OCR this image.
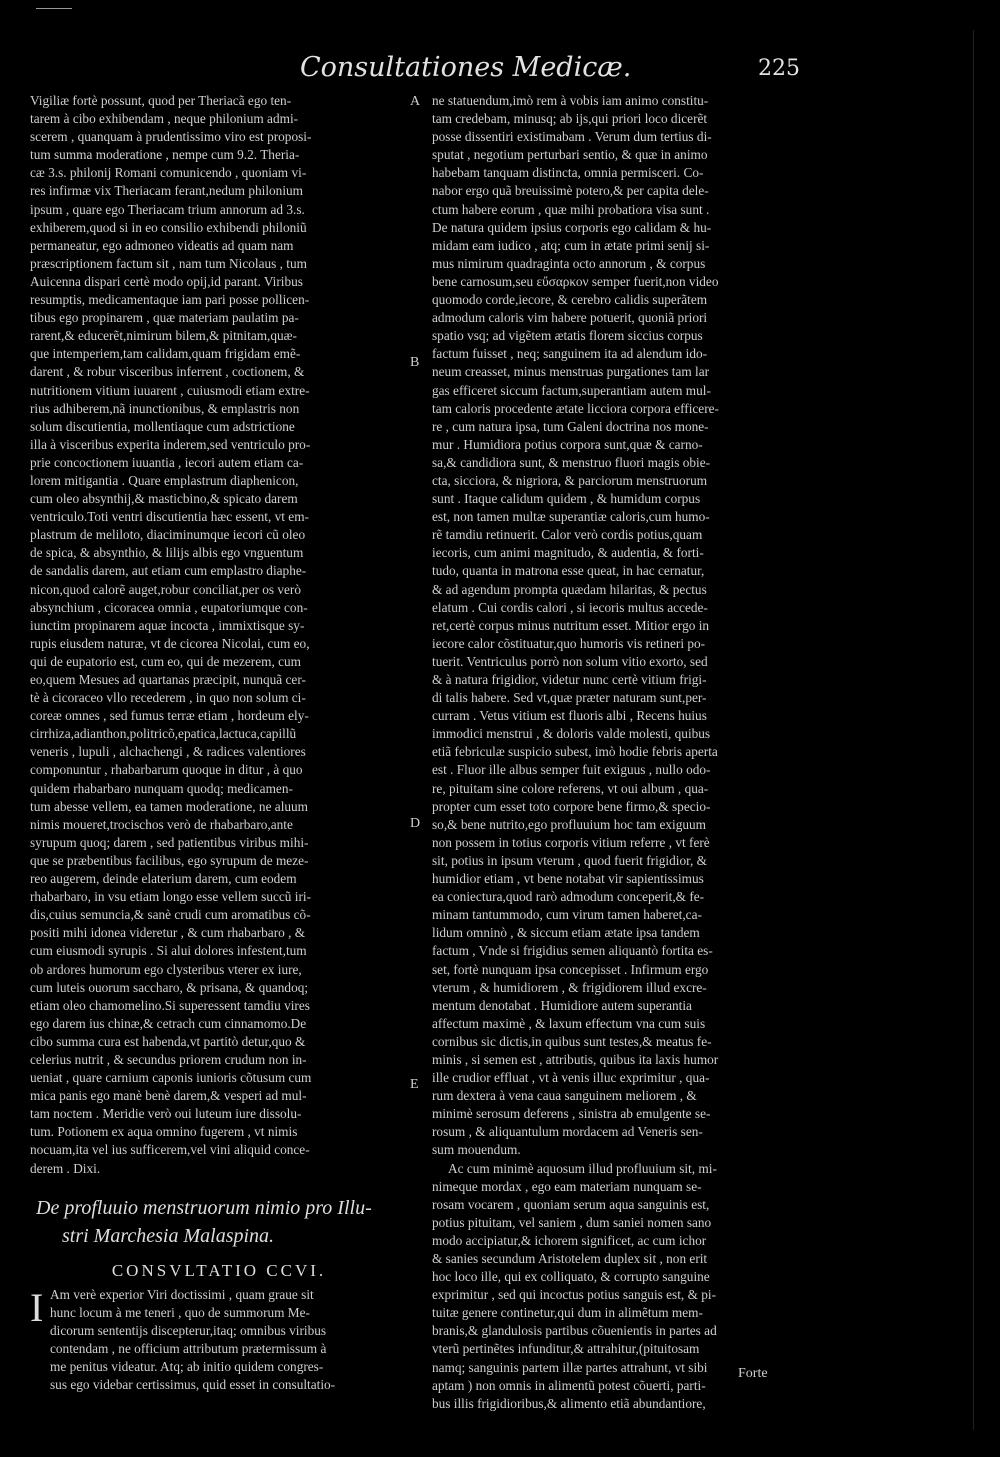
Consultationes Medicæ.	225
Vigiliæ fortè possunt, quod per Theriacã ego ten-
tarem à cibo exhibendam , neque philonium admi-
scerem , quanquam à prudentissimo viro est proposi-
tum summa moderatione , nempe cum 9.2. Theria-
cæ 3.s. philonij Romani comunicendo , quoniam vi-
res infirmæ vix Theriacam ferant,nedum philonium
ipsum , quare ego Theriacam trium annorum ad 3.s.
exhiberem,quod si in eo consilio exhibendi philoniũ
permaneatur, ego admoneo videatis ad quam nam
præscriptionem factum sit , nam tum Nicolaus , tum
Auicenna dispari certè modo opij,id parant. Viribus
resumptis, medicamentaque iam pari posse pollicen-
tibus ego propinarem , quæ materiam paulatim pa-
rarent,& educerẽt,nimirum bilem,& pitnitam,quæ-
que intemperiem,tam calidam,quam frigidam emẽ-
darent , & robur visceribus inferrent , coctionem, &
nutritionem vitium iuuarent , cuiusmodi etiam extre-
rius adhiberem,nã inunctionibus, & emplastris non
solum discutientia, mollentiaque cum adstrictione
illa à visceribus experita inderem,sed ventriculo pro-
prie concoctionem iuuantia , iecori autem etiam ca-
lorem mitigantia . Quare emplastrum diaphenicon,
cum oleo absynthij,& masticbino,& spicato darem
ventriculo.Toti ventri discutientia hæc essent, vt em-
plastrum de meliloto, diaciminumque iecori cũ oleo
de spica, & absynthio, & lilijs albis ego vnguentum
de sandalis darem, aut etiam cum emplastro diaphe-
nicon,quod calorẽ auget,robur conciliat,per os verò
absynchium , cicoracea omnia , eupatoriumque con-
iunctim propinarem aquæ incocta , immixtisque sy-
rupis eiusdem naturæ, vt de cicorea Nicolai, cum eo,
qui de eupatorio est, cum eo, qui de mezerem, cum
eo,quem Mesues ad quartanas præcipit, nunquã cer-
tè à cicoraceo vllo recederem , in quo non solum ci-
coreæ omnes , sed fumus terræ etiam , hordeum ely-
cirrhiza,adianthon,politricõ,epatica,lactuca,capillũ
veneris , lupuli , alchachengi , & radices valentiores
componuntur , rhabarbarum quoque in ditur , à quo
quidem rhabarbaro nunquam quodq; medicamen-
tum abesse vellem, ea tamen moderatione, ne aluum
nimis moueret,trocischos verò de rhabarbaro,ante
syrupum quoq; darem , sed patientibus viribus mihi-
que se præbentibus facilibus, ego syrupum de meze-
reo augerem, deinde elaterium darem, cum eodem
rhabarbaro, in vsu etiam longo esse vellem succũ iri-
dis,cuius semuncia,& sanè crudi cum aromatibus cõ-
positi mihi idonea videretur , & cum rhabarbaro , &
cum eiusmodi syrupis . Si alui dolores infestent,tum
ob ardores humorum ego clysteribus vterer ex iure,
cum luteis ouorum saccharo, & prisana, & quandoq;
etiam oleo chamomelino.Si superessent tamdiu vires
ego darem ius chinæ,& cetrach cum cinnamomo.De
cibo summa cura est habenda,vt partitò detur,quo &
celerius nutrit , & secundus priorem crudum non in-
ueniat , quare carnium caponis iunioris cõtusum cum
mica panis ego manè benè darem,& vesperi ad mul-
tam noctem . Meridie verò oui luteum iure dissolu-
tum. Potionem ex aqua omnino fugerem , vt nimis
nocuam,ita vel ius sufficerem,vel vini aliquid conce-
derem . Dixi.
De profluuio menstruorum nimio pro Illu-
stri Marchesia Malaspina.
CONSVLTATIO CCVI.
I Am verè experior Viri doctissimi , quam graue sit
hunc locum à me teneri , quo de summorum Me-
dicorum sententijs discepterur,itaq; omnibus viribus
contendam , ne officium attributum prætermissum à
me penitus videatur. Atq; ab initio quidem congres-
sus ego videbar certissimus, quid esset in consultatio-
A
B
D
E
ne statuendum,imò rem à vobis iam animo constitu-
tam credebam, minusq; ab ijs,qui priori loco dicerẽt
posse dissentiri existimabam . Verum dum tertius di-
sputat , negotium perturbari sentio, & quæ in animo
habebam tanquam distincta, omnia permisceri. Co-
nabor ergo quã breuissimè potero,& per capita dele-
ctum habere eorum , quæ mihi probatiora visa sunt .
De natura quidem ipsius corporis ego calidam & hu-
midam eam iudico , atq; cum in ætate primi senij si-
mus nimirum quadraginta octo annorum , & corpus
bene carnosum,seu εὔσαρκον semper fuerit,non video
quomodo corde,iecore, & cerebro calidis superãtem
admodum caloris vim habere potuerit, quoniã priori
spatio vsq; ad vigẽtem ætatis florem siccius corpus
factum fuisset , neq; sanguinem ita ad alendum ido-
neum creasset, minus menstruas purgationes tam lar
gas efficeret siccum factum,superantiam autem mul-
tam caloris procedente ætate licciora corpora efficere-
re , cum natura ipsa, tum Galeni doctrina nos mone-
mur . Humidiora potius corpora sunt,quæ & carno-
sa,& candidiora sunt, & menstruo fluori magis obie-
cta, sicciora, & nigriora, & parciorum menstruorum
sunt . Itaque calidum quidem , & humidum corpus
est, non tamen multæ superantiæ caloris,cum humo-
rẽ tamdiu retinuerit. Calor verò cordis potius,quam
iecoris, cum animi magnitudo, & audentia, & forti-
tudo, quanta in matrona esse queat, in hac cernatur,
& ad agendum prompta quædam hilaritas, & pectus
elatum . Cui cordis calori , si iecoris multus accede-
ret,certè corpus minus nutritum esset. Mitior ergo in
iecore calor cõstituatur,quo humoris vis retineri po-
tuerit. Ventriculus porrò non solum vitio exorto, sed
& à natura frigidior, videtur nunc certè vitium frigi-
di talis habere. Sed vt,quæ præter naturam sunt,per-
curram . Vetus vitium est fluoris albi , Recens huius
immodici menstrui , & doloris valde molesti, quibus
etiã febriculæ suspicio subest, imò hodie febris aperta
est . Fluor ille albus semper fuit exiguus , nullo odo-
re, pituitam sine colore referens, vt oui album , qua-
propter cum esset toto corpore bene firmo,& specio-
so,& bene nutrito,ego profluuium hoc tam exiguum
non possem in totius corporis vitium referre , vt ferè
sit, potius in ipsum vterum , quod fuerit frigidior, &
humidior etiam , vt bene notabat vir sapientissimus
ea coniectura,quod rarò admodum conceperit,& fe-
minam tantummodo, cum virum tamen haberet,ca-
lidum omninò , & siccum etiam ætate ipsa tandem
factum , Vnde si frigidius semen aliquantò fortita es-
set, fortè nunquam ipsa concepisset . Infirmum ergo
vterum , & humidiorem , & frigidiorem illud excre-
mentum denotabat . Humidiore autem superantia
affectum maximè , & laxum effectum vna cum suis
cornibus sic dictis,in quibus sunt testes,& meatus fe-
minis , si semen est , attributis, quibus ita laxis humor
ille crudior effluat , vt à venis illuc exprimitur , qua-
rum dextera à vena caua sanguinem meliorem , &
minimè serosum deferens , sinistra ab emulgente se-
rosum , & aliquantulum mordacem ad Veneris sen-
sum mouendum.
Ac cum minimè aquosum illud profluuium sit, mi-
nimeque mordax , ego eam materiam nunquam se-
rosam vocarem , quoniam serum aqua sanguinis est,
potius pituitam, vel saniem , dum saniei nomen sano
modo accipiatur,& ichorem significet, ac cum ichor
& sanies secundum Aristotelem duplex sit , non erit
hoc loco ille, qui ex colliquato, & corrupto sanguine
exprimitur , sed qui incoctus potius sanguis est, & pi-
tuitæ genere continetur,qui dum in alimẽtum mem-
branis,& glandulosis partibus cõuenientis in partes ad
vterũ pertinẽtes infunditur,& attrahitur,(pituitosam
namq; sanguinis partem illæ partes attrahunt, vt sibi
aptam ) non omnis in alimentũ potest cõuerti, parti-
bus illis frigidioribus,& alimento etiã abundantiore,
Forte
